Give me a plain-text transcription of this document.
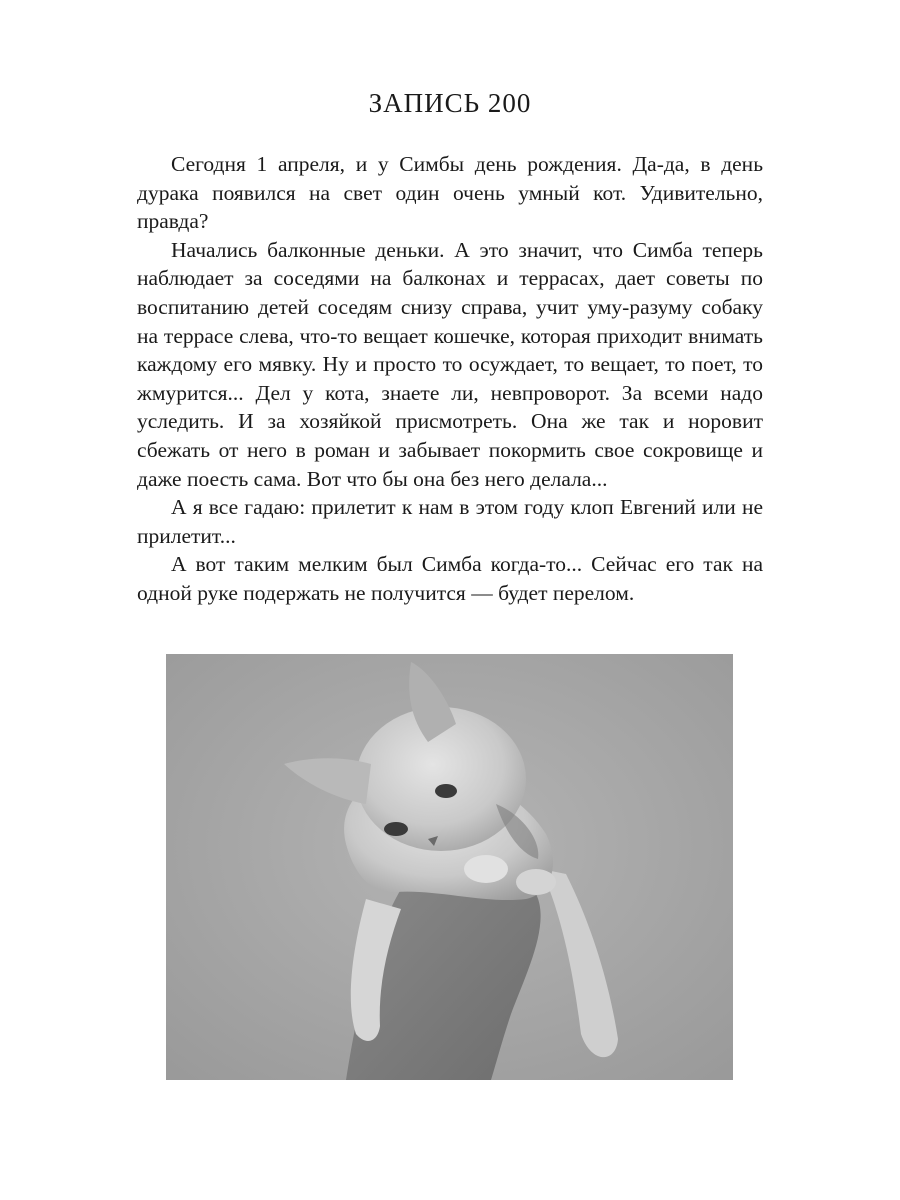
ЗАПИСЬ 200

Сегодня 1 апреля, и у Симбы день рождения. Да-да, в день дурака появился на свет один очень умный кот. Удивительно, правда?

Начались балконные деньки. А это значит, что Симба теперь наблюдает за соседями на балконах и террасах, дает советы по воспитанию детей соседям снизу справа, учит уму-разуму собаку на террасе слева, что-то вещает кошечке, которая приходит внимать каждому его мявку. Ну и просто то осуждает, то вещает, то поет, то жмурится... Дел у кота, знаете ли, невпроворот. За всеми надо уследить. И за хозяйкой присмотреть. Она же так и норовит сбежать от него в роман и забывает покормить свое сокровище и даже поесть сама. Вот что бы она без него делала...

А я все гадаю: прилетит к нам в этом году клоп Евгений или не прилетит...

А вот таким мелким был Симба когда-то... Сейчас его так на одной руке подержать не получится — будет перелом.
